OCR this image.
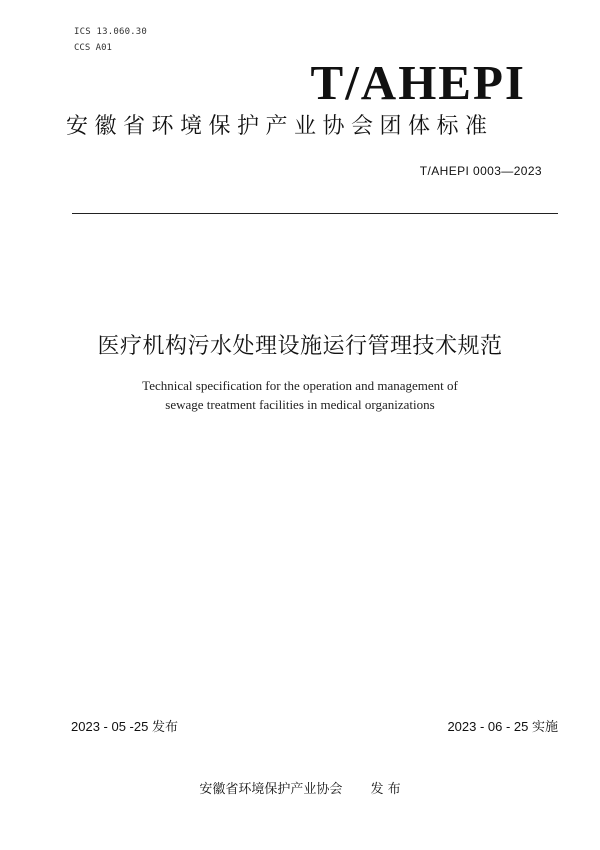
ICS 13.060.30
CCS A01
T/AHEPI
安徽省环境保护产业协会团体标准
T/AHEPI 0003—2023
医疗机构污水处理设施运行管理技术规范
Technical specification for the operation and management of
sewage treatment facilities in medical organizations
2023 - 05 -25 发布	2023 - 06 - 25 实施
安徽省环境保护产业协会 发 布
